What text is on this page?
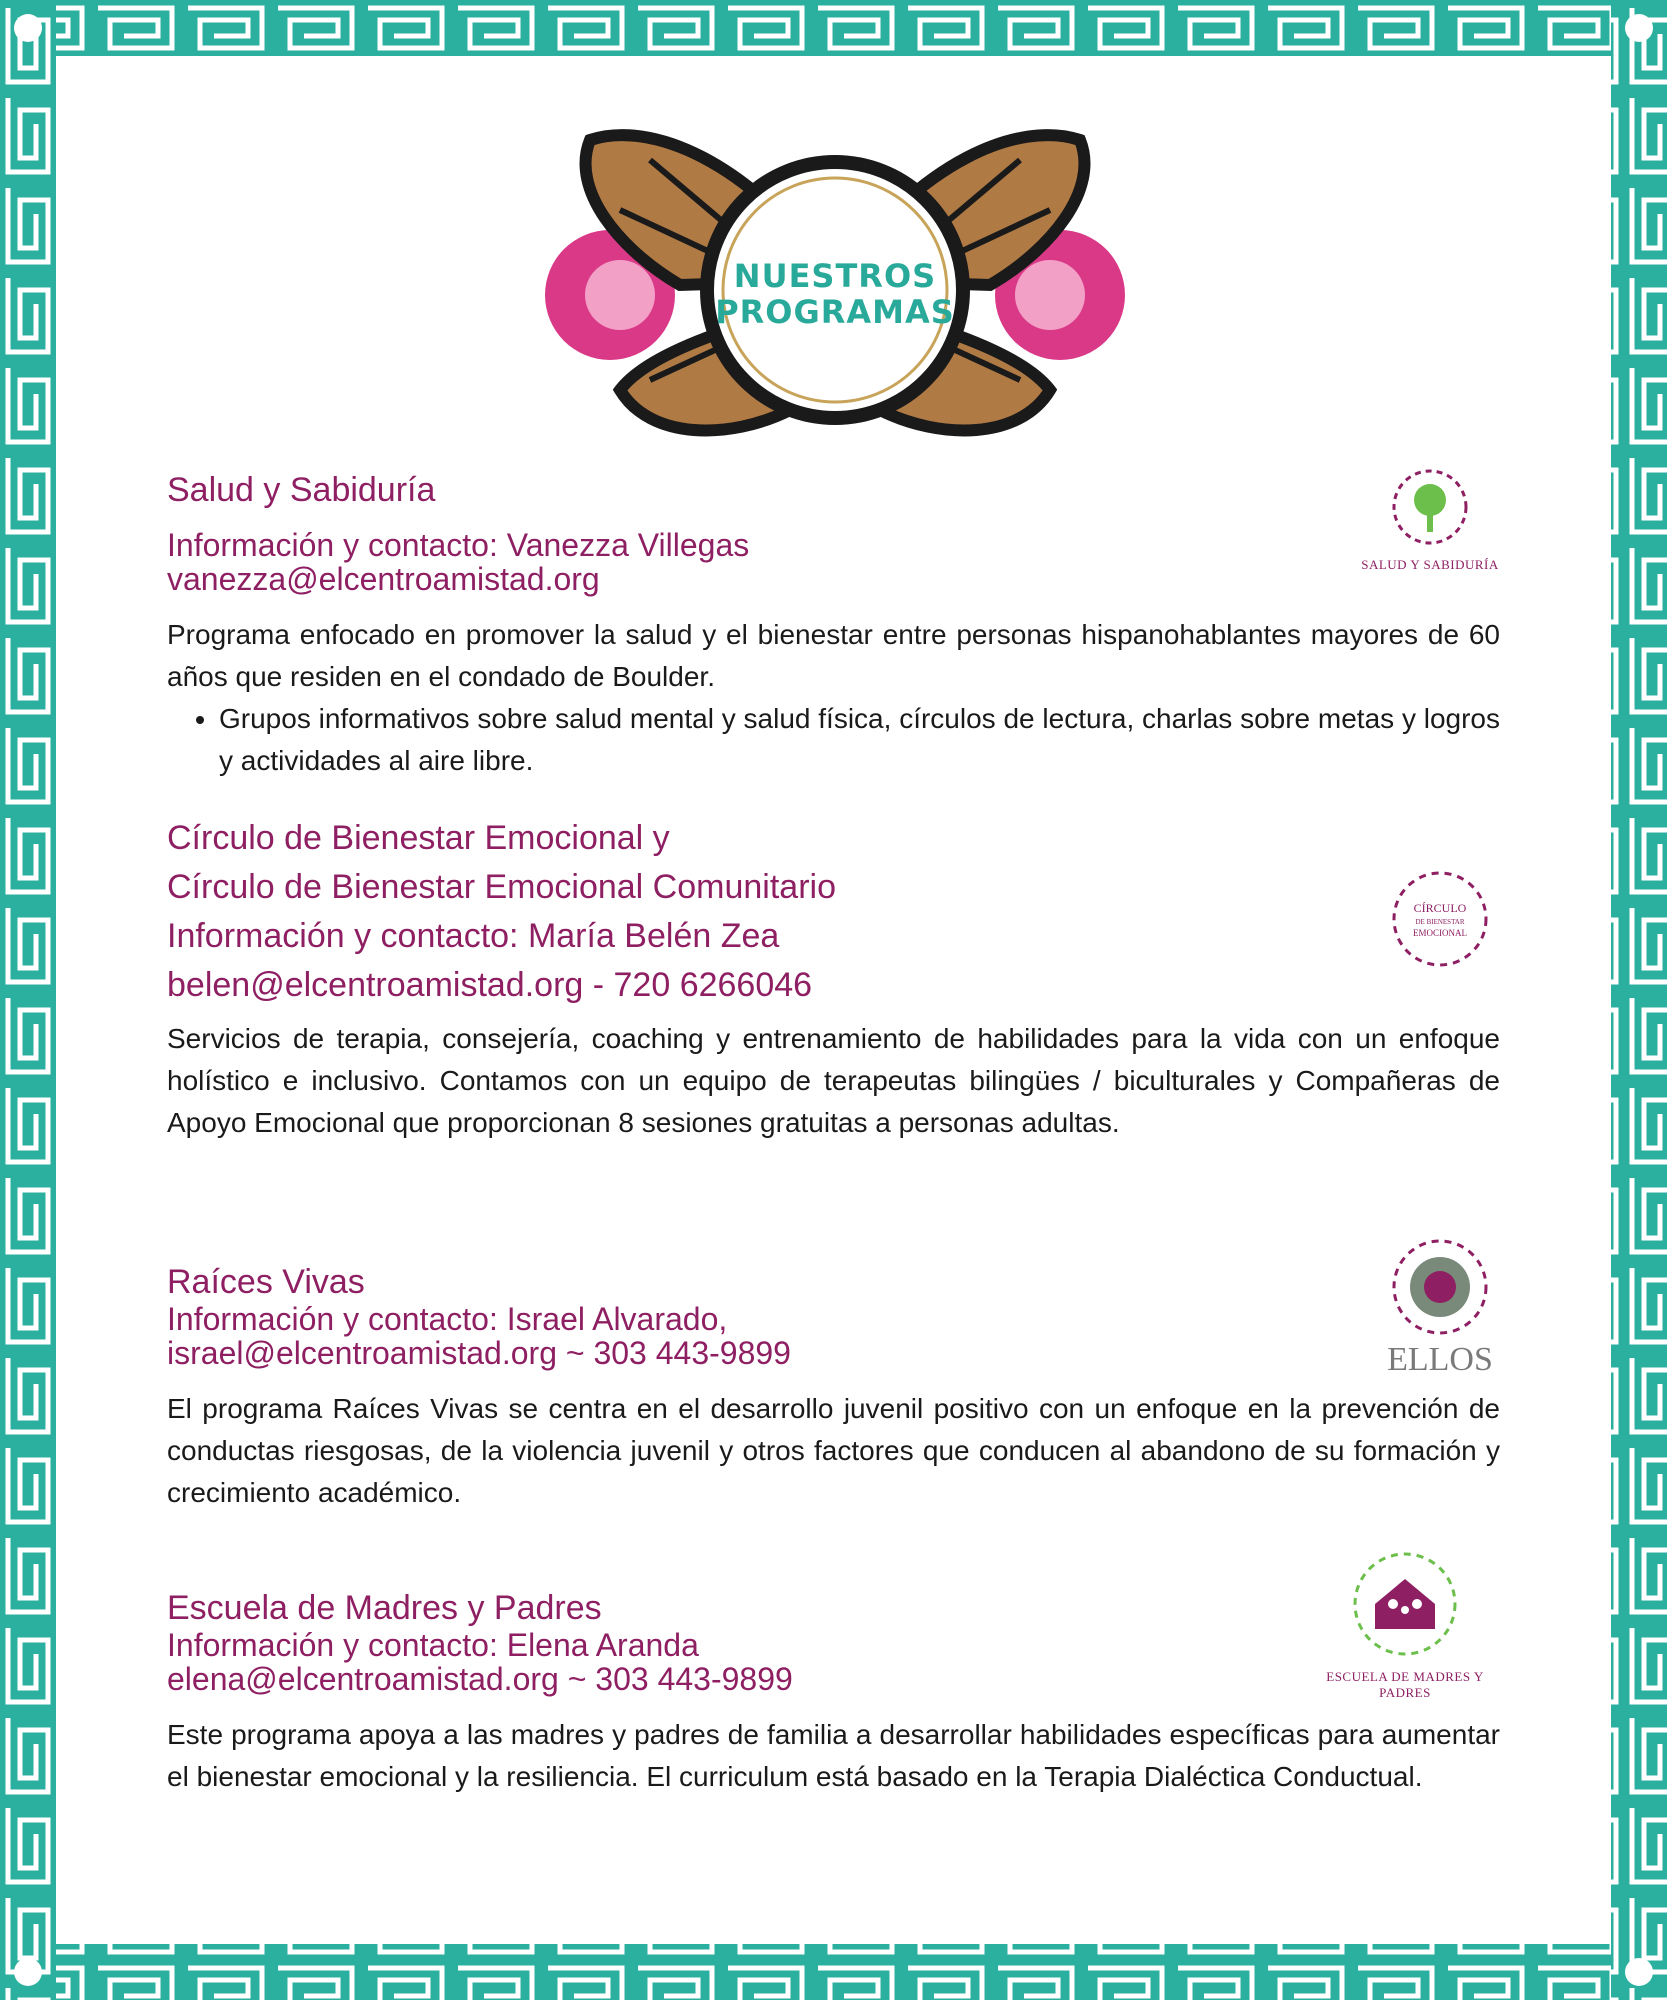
NUESTROS
PROGRAMAS
Salud y Sabiduría

Información y contacto: Vanezza Villegas

vanezza@elcentroamistad.org

Programa enfocado en promover la salud y el bienestar entre personas hispanohablantes mayores de 60 años que residen en el condado de Boulder.

• Grupos informativos sobre salud mental y salud física, círculos de lectura, charlas sobre metas y logros y actividades al aire libre.
SALUD Y SABIDURÍA
Círculo de Bienestar Emocional y
Círculo de Bienestar Emocional Comunitario

Información y contacto: María Belén Zea

belen@elcentroamistad.org - 720 6266046

Servicios de terapia, consejería, coaching y entrenamiento de habilidades para la vida con un enfoque holístico e inclusivo. Contamos con un equipo de terapeutas bilingües / biculturales y Compañeras de Apoyo Emocional que proporcionan 8 sesiones gratuitas a personas adultas.

CÍRCULO
DE BIENESTAR
EMOCIONAL
Raíces Vivas

Información y contacto: Israel Alvarado,

israel@elcentroamistad.org ~ 303 443-9899

El programa Raíces Vivas se centra en el desarrollo juvenil positivo con un enfoque en la prevención de conductas riesgosas, de la violencia juvenil y otros factores que conducen al abandono de su formación y crecimiento académico.

ELLOS
Escuela de Madres y Padres

Información y contacto: Elena Aranda

elena@elcentroamistad.org ~ 303 443-9899

Este programa apoya a las madres y padres de familia a desarrollar habilidades específicas para aumentar el bienestar emocional y la resiliencia. El curriculum está basado en la Terapia Dialéctica Conductual.

ESCUELA DE MADRES Y PADRES
